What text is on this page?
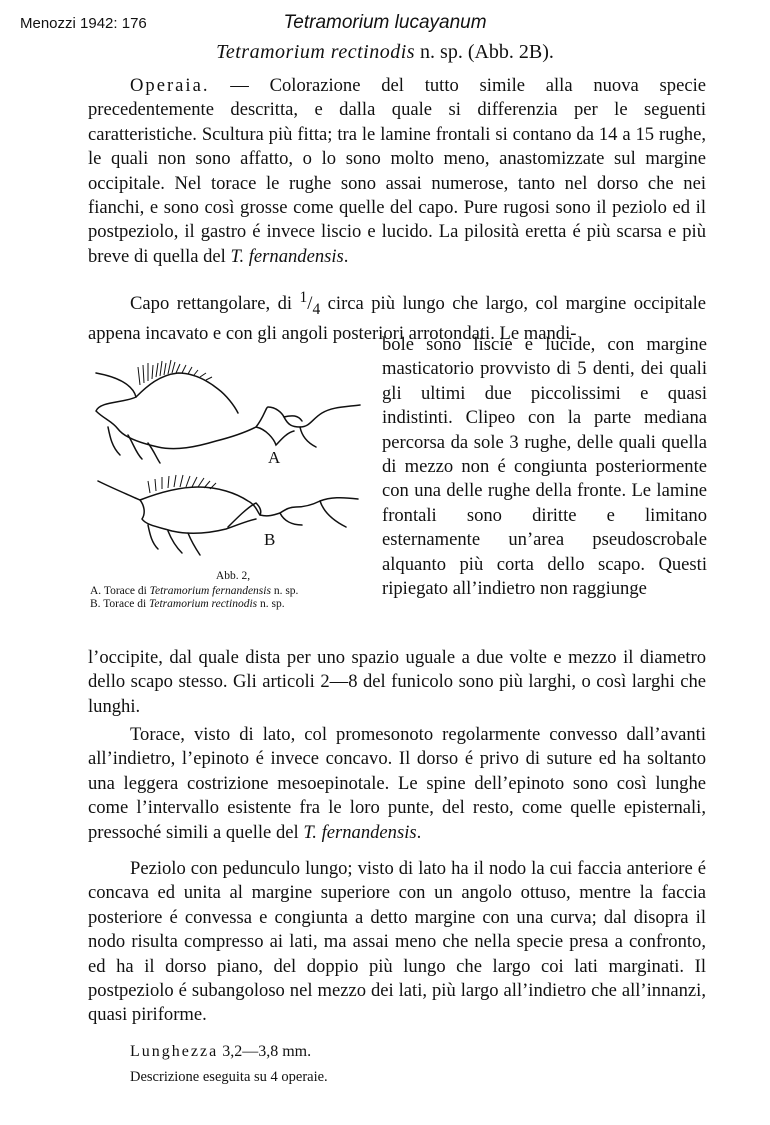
Menozzi 1942: 176	Tetramorium lucayanum
Tetramorium rectinodis n. sp. (Abb. 2B).

Operaia. — Colorazione del tutto simile alla nuova specie precedentemente descritta, e dalla quale si differenzia per le seguenti caratteristiche. Scultura più fitta; tra le lamine frontali si contano da 14 a 15 rughe, le quali non sono affatto, o lo sono molto meno, anastomizzate sul margine occipitale. Nel torace le rughe sono assai numerose, tanto nel dorso che nei fianchi, e sono così grosse come quelle del capo. Pure rugosi sono il peziolo ed il postpeziolo, il gastro é invece liscio e lucido. La pilosità eretta é più scarsa e più breve di quella del T. fernandensis.

Capo rettangolare, di $^1/_4$ circa più lungo che largo, col margine occipitale appena incavato e con gli angoli posteriori arrotondati. Le mandi-

bole sono liscie e lucide, con margine masticatorio provvisto di 5 denti, dei quali gli ultimi due piccolissimi e quasi indistinti. Clipeo con la parte mediana percorsa da sole 3 rughe, delle quali quella di mezzo non é congiunta posteriormente con una delle rughe della fronte. Le lamine frontali sono diritte e limitano esternamente un’area pseudoscrobale alquanto più corta dello scapo. Questi ripiegato all’indietro non raggiunge

A
B
Abb. 2,
A. Torace di Tetramorium fernandensis n. sp.
B. Torace di Tetramorium rectinodis n. sp.

l’occipite, dal quale dista per uno spazio uguale a due volte e mezzo il diametro dello scapo stesso. Gli articoli 2—8 del funicolo sono più larghi, o così larghi che lunghi.

Torace, visto di lato, col promesonoto regolarmente convesso dall’avanti all’indietro, l’epinoto é invece concavo. Il dorso é privo di suture ed ha soltanto una leggera costrizione mesoepinotale. Le spine dell’epinoto sono così lunghe come l’intervallo esistente fra le loro punte, del resto, come quelle episternali, pressoché simili a quelle del T. fernandensis.

Peziolo con pedunculo lungo; visto di lato ha il nodo la cui faccia anteriore é concava ed unita al margine superiore con un angolo ottuso, mentre la faccia posteriore é convessa e congiunta a detto margine con una curva; dal disopra il nodo risulta compresso ai lati, ma assai meno che nella specie presa a confronto, ed ha il dorso piano, del doppio più lungo che largo coi lati marginati. Il postpeziolo é subangoloso nel mezzo dei lati, più largo all’indietro che all’innanzi, quasi piriforme.

Lunghezza 3,2—3,8 mm.
Descrizione eseguita su 4 operaie.
